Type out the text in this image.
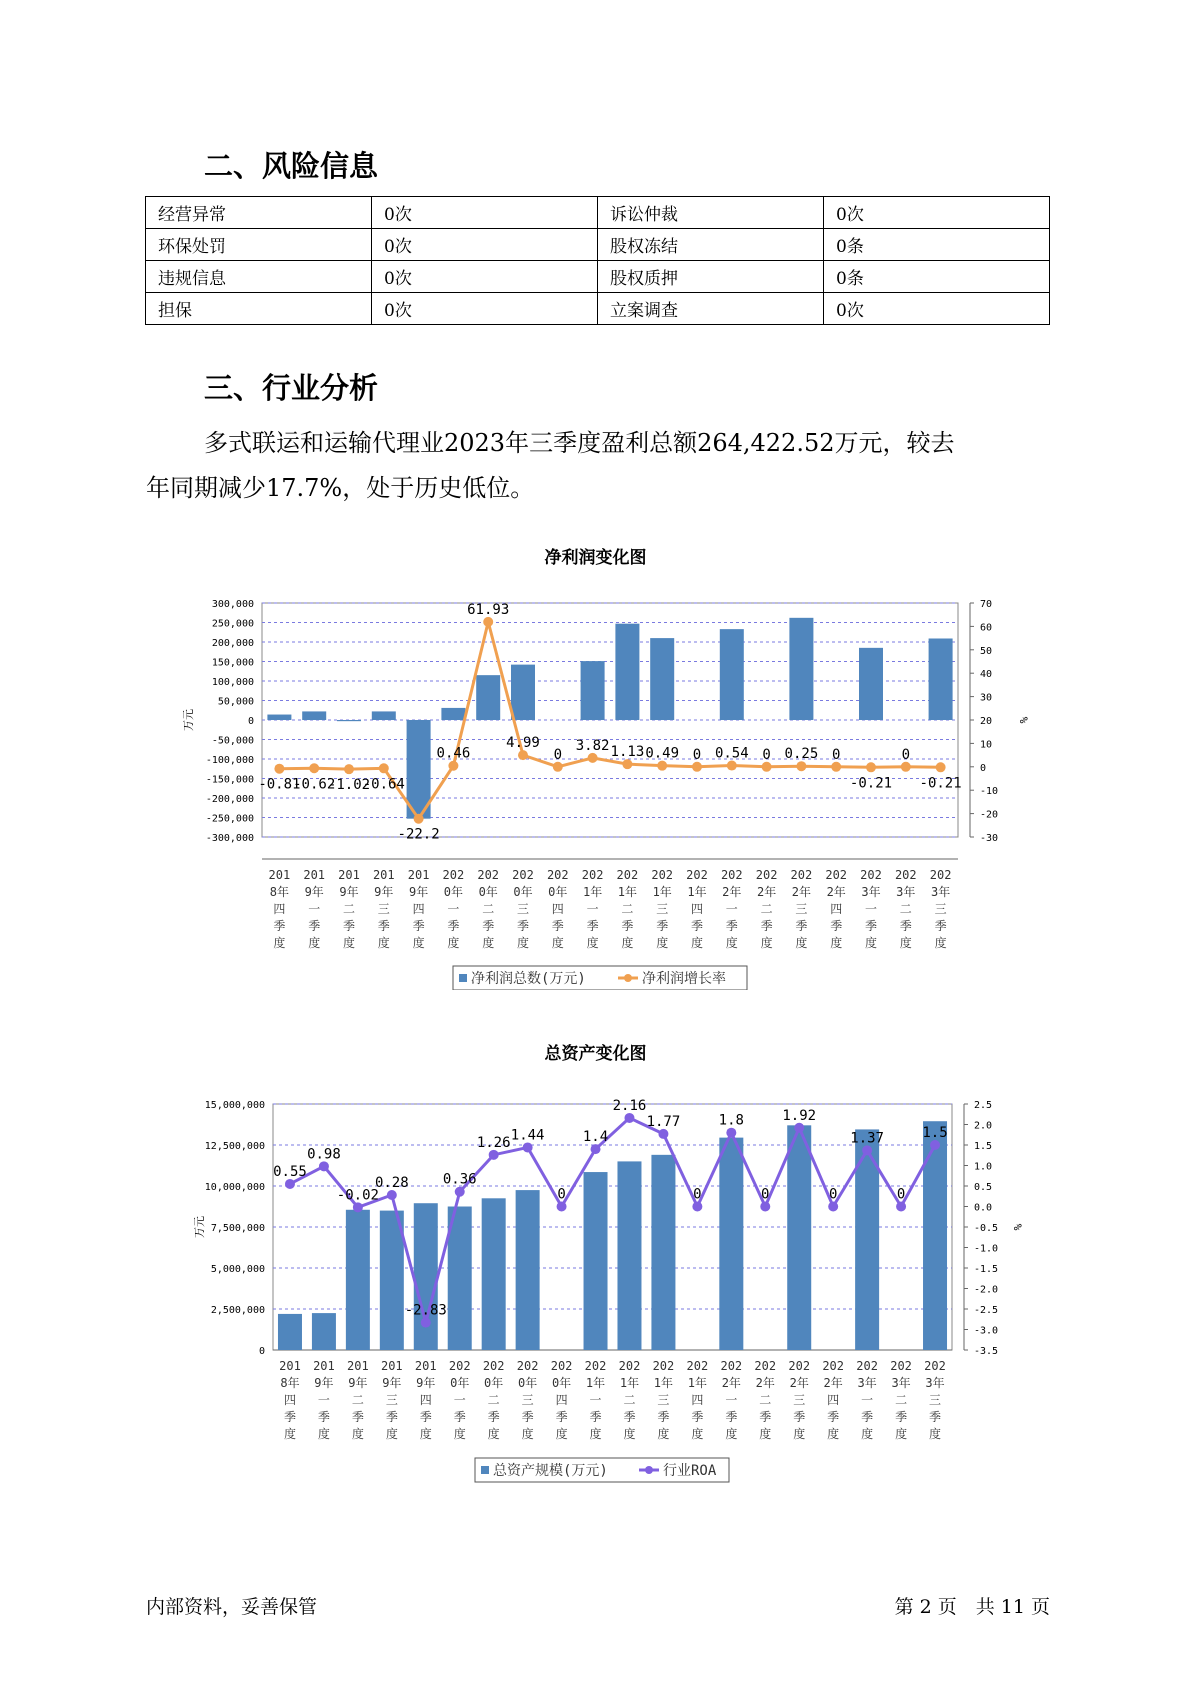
二、风险信息
经营异常	0次	诉讼仲裁	0次
环保处罚	0次	股权冻结	0条
违规信息	0次	股权质押	0条
担保	0次	立案调查	0次
三、行业分析
多式联运和运输代理业2023年三季度盈利总额264,422.52万元，较去
年同期减少17.7%，处于历史低位。
净利润变化图
300,000
250,000
200,000
150,000
100,000
50,000
0
-50,000
-100,000
-150,000
-200,000
-250,000
-300,000
70
60
50
40
30
20
10
0
-10
-20
-30
万元	%
-0.81
-0.62
-1.02
-0.64
-22.2
0.46
61.93
4.99
0
3.82 1.13 0.49 0 0.54 0 0.25 0
-0.21
0
-0.21
201
8年
四
季
度
201
9年
一
季
度
201
9年
二
季
度
201
9年
三
季
度
201
9年
四
季
度
202
0年
一
季
度
202
0年
二
季
度
202
0年
三
季
度
202
0年
四
季
度
202
1年
一
季
度
202
1年
二
季
度
202
1年
三
季
度
202
1年
四
季
度
202
2年
一
季
度
202
2年
二
季
度
202
2年
三
季
度
202
2年
四
季
度
202
3年
一
季
度
202
3年
二
季
度
202
3年
三
季
度
净利润总数(万元)	净利润增长率
总资产变化图
15,000,000
12,500,000
10,000,000
7,500,000
5,000,000
2,500,000
0
2.5
2.0
1.5
1.0
0.5
0.0
-0.5
-1.0
-1.5
-2.0
-2.5
-3.0
-3.5
万元	%
0.55
0.98
-0.02
0.28
-2.83
0.36
1.26 1.44
0
1.4
2.16
1.77
0
1.8
0
1.92
0
1.37
0
1.5
201
8年
四
季
度
201
9年
一
季
度
201
9年
二
季
度
201
9年
三
季
度
201
9年
四
季
度
202
0年
一
季
度
202
0年
二
季
度
202
0年
三
季
度
202
0年
四
季
度
202
1年
一
季
度
202
1年
二
季
度
202
1年
三
季
度
202
1年
四
季
度
202
2年
一
季
度
202
2年
二
季
度
202
2年
三
季
度
202
2年
四
季
度
202
3年
一
季
度
202
3年
二
季
度
202
3年
三
季
度
总资产规模(万元)	行业ROA
内部资料，妥善保管	第 2 页　共 11 页
